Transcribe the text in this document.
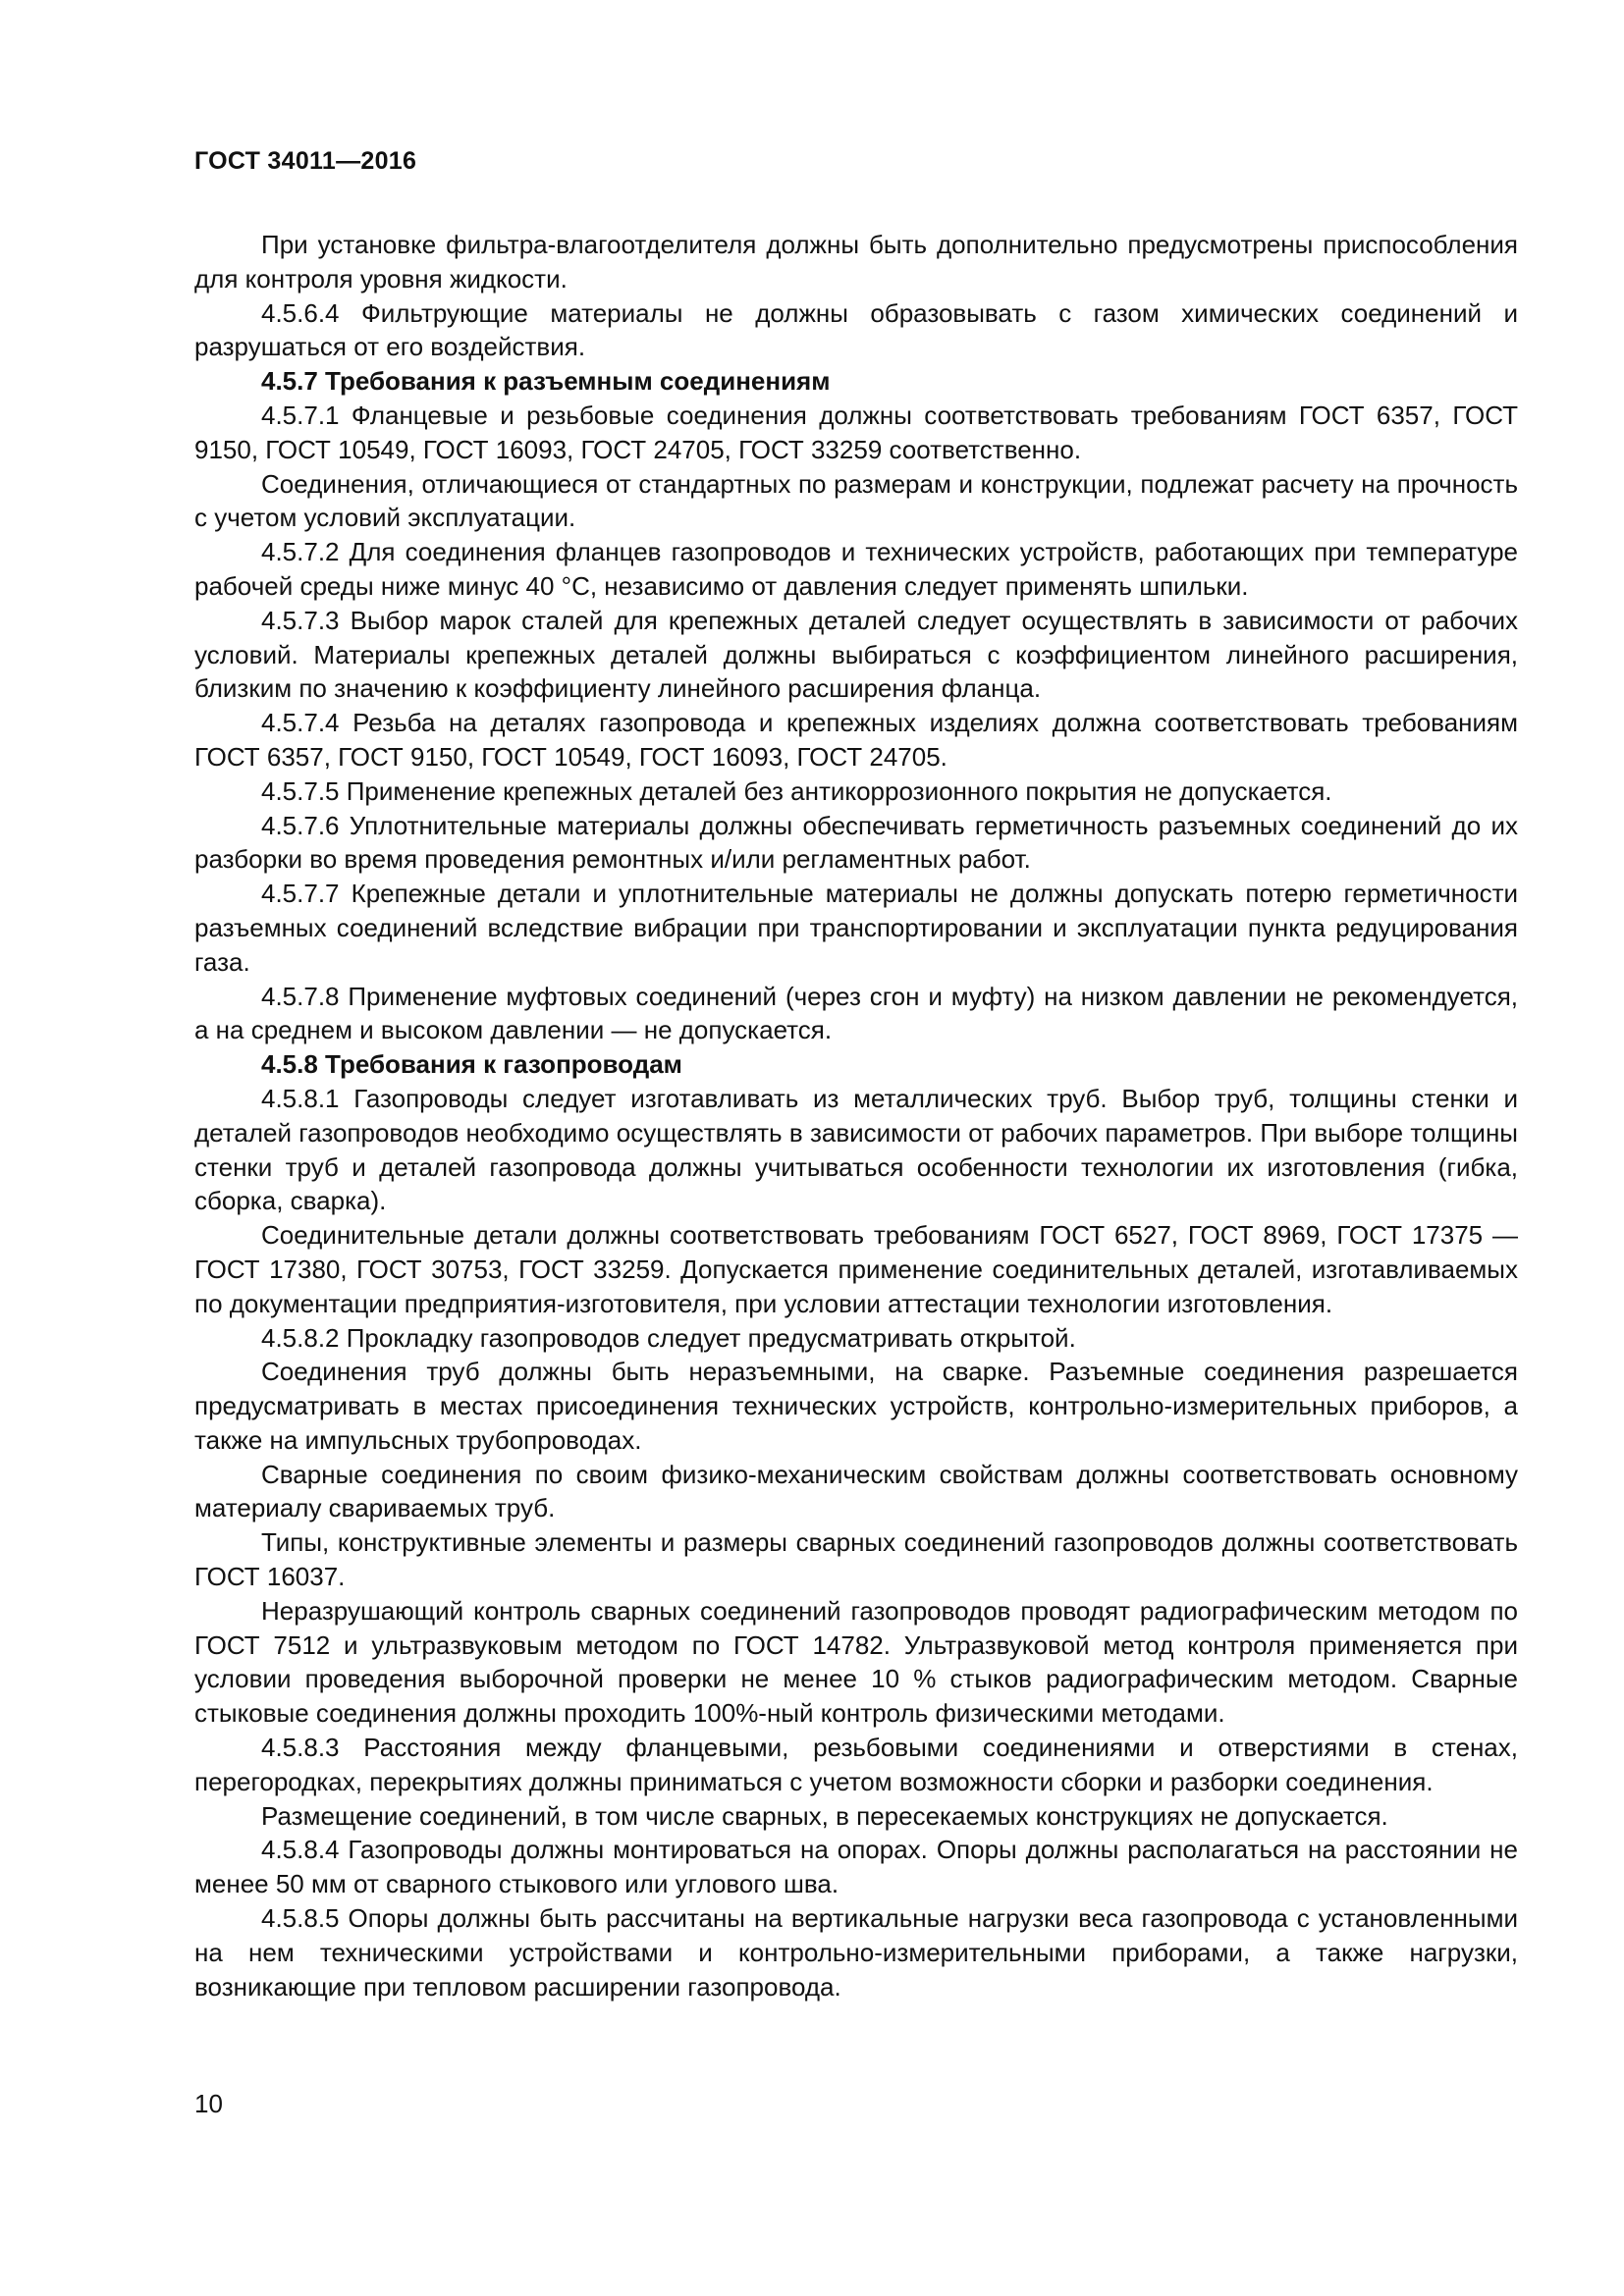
ГОСТ 34011—2016

При установке фильтра-влагоотделителя должны быть дополнительно предусмотрены приспособления для контроля уровня жидкости.

4.5.6.4 Фильтрующие материалы не должны образовывать с газом химических соединений и разрушаться от его воздействия.

4.5.7 Требования к разъемным соединениям

4.5.7.1 Фланцевые и резьбовые соединения должны соответствовать требованиям ГОСТ 6357, ГОСТ 9150, ГОСТ 10549, ГОСТ 16093, ГОСТ 24705, ГОСТ 33259 соответственно.

Соединения, отличающиеся от стандартных по размерам и конструкции, подлежат расчету на прочность с учетом условий эксплуатации.

4.5.7.2 Для соединения фланцев газопроводов и технических устройств, работающих при температуре рабочей среды ниже минус 40 °С, независимо от давления следует применять шпильки.

4.5.7.3 Выбор марок сталей для крепежных деталей следует осуществлять в зависимости от рабочих условий. Материалы крепежных деталей должны выбираться с коэффициентом линейного расширения, близким по значению к коэффициенту линейного расширения фланца.

4.5.7.4 Резьба на деталях газопровода и крепежных изделиях должна соответствовать требованиям ГОСТ 6357, ГОСТ 9150, ГОСТ 10549, ГОСТ 16093, ГОСТ 24705.

4.5.7.5 Применение крепежных деталей без антикоррозионного покрытия не допускается.

4.5.7.6 Уплотнительные материалы должны обеспечивать герметичность разъемных соединений до их разборки во время проведения ремонтных и/или регламентных работ.

4.5.7.7 Крепежные детали и уплотнительные материалы не должны допускать потерю герметичности разъемных соединений вследствие вибрации при транспортировании и эксплуатации пункта редуцирования газа.

4.5.7.8 Применение муфтовых соединений (через сгон и муфту) на низком давлении не рекомендуется, а на среднем и высоком давлении — не допускается.

4.5.8 Требования к газопроводам

4.5.8.1 Газопроводы следует изготавливать из металлических труб. Выбор труб, толщины стенки и деталей газопроводов необходимо осуществлять в зависимости от рабочих параметров. При выборе толщины стенки труб и деталей газопровода должны учитываться особенности технологии их изготовления (гибка, сборка, сварка).

Соединительные детали должны соответствовать требованиям ГОСТ 6527, ГОСТ 8969, ГОСТ 17375 — ГОСТ 17380, ГОСТ 30753, ГОСТ 33259. Допускается применение соединительных деталей, изготавливаемых по документации предприятия-изготовителя, при условии аттестации технологии изготовления.

4.5.8.2 Прокладку газопроводов следует предусматривать открытой.

Соединения труб должны быть неразъемными, на сварке. Разъемные соединения разрешается предусматривать в местах присоединения технических устройств, контрольно-измерительных приборов, а также на импульсных трубопроводах.

Сварные соединения по своим физико-механическим свойствам должны соответствовать основному материалу свариваемых труб.

Типы, конструктивные элементы и размеры сварных соединений газопроводов должны соответствовать ГОСТ 16037.

Неразрушающий контроль сварных соединений газопроводов проводят радиографическим методом по ГОСТ 7512 и ультразвуковым методом по ГОСТ 14782. Ультразвуковой метод контроля применяется при условии проведения выборочной проверки не менее 10 % стыков радиографическим методом. Сварные стыковые соединения должны проходить 100%-ный контроль физическими методами.

4.5.8.3 Расстояния между фланцевыми, резьбовыми соединениями и отверстиями в стенах, перегородках, перекрытиях должны приниматься с учетом возможности сборки и разборки соединения.

Размещение соединений, в том числе сварных, в пересекаемых конструкциях не допускается.

4.5.8.4 Газопроводы должны монтироваться на опорах. Опоры должны располагаться на расстоянии не менее 50 мм от сварного стыкового или углового шва.

4.5.8.5 Опоры должны быть рассчитаны на вертикальные нагрузки веса газопровода с установленными на нем техническими устройствами и контрольно-измерительными приборами, а также нагрузки, возникающие при тепловом расширении газопровода.

10
